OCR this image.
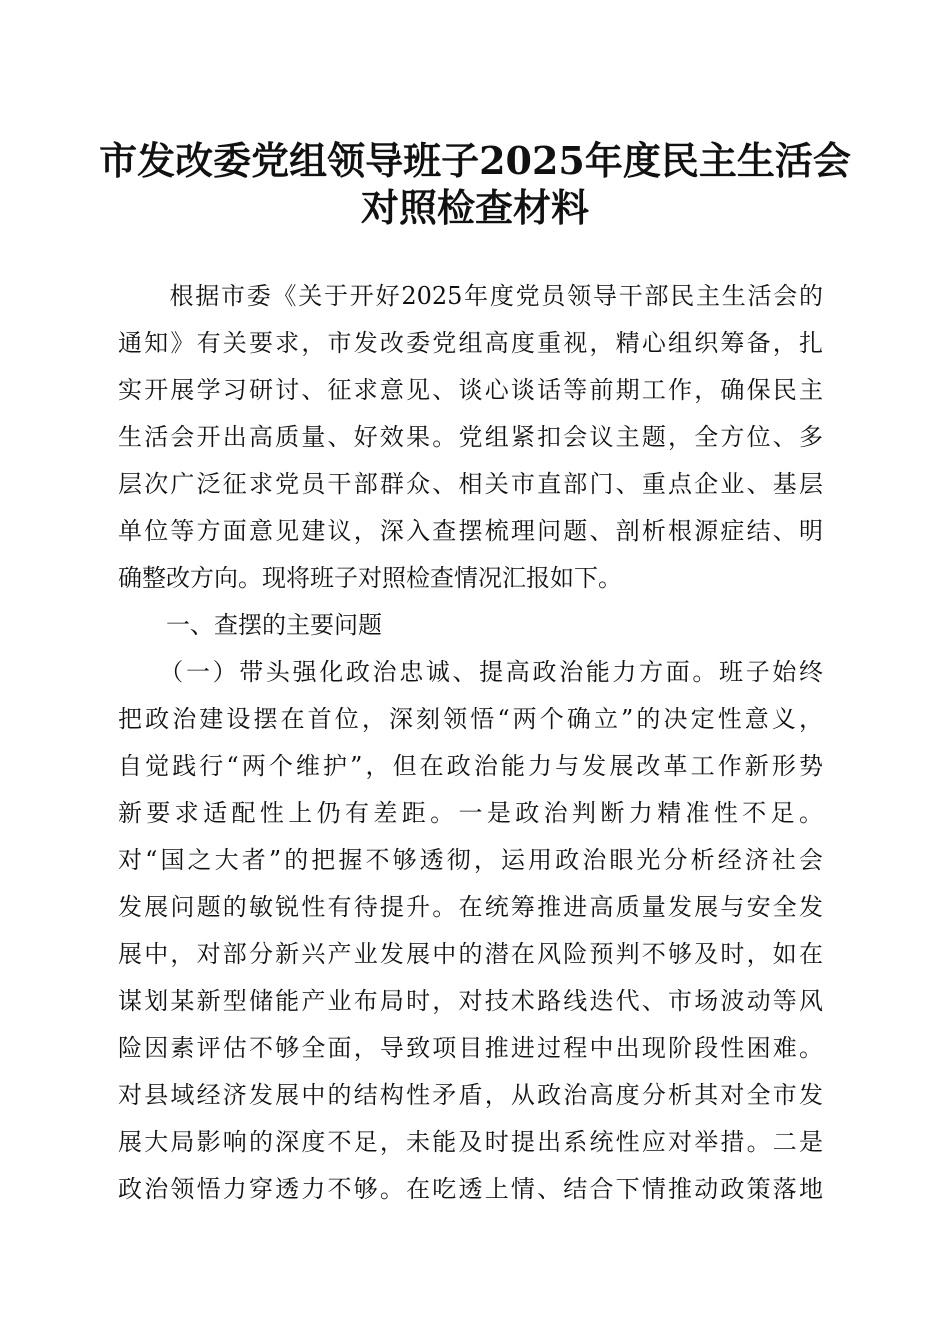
市发改委党组领导班子2025年度民主生活会
对照检查材料
　　根据市委《关于开好2025年度党员领导干部民主生活会的
通知》有关要求，市发改委党组高度重视，精心组织筹备，扎
实开展学习研讨、征求意见、谈心谈话等前期工作，确保民主
生活会开出高质量、好效果。党组紧扣会议主题，全方位、多
层次广泛征求党员干部群众、相关市直部门、重点企业、基层
单位等方面意见建议，深入查摆梳理问题、剖析根源症结、明
确整改方向。现将班子对照检查情况汇报如下。
　　一、查摆的主要问题
　　（一）带头强化政治忠诚、提高政治能力方面。班子始终
把政治建设摆在首位，深刻领悟“两个确立”的决定性意义，
自觉践行“两个维护”，但在政治能力与发展改革工作新形势
新要求适配性上仍有差距。一是政治判断力精准性不足。
对“国之大者”的把握不够透彻，运用政治眼光分析经济社会
发展问题的敏锐性有待提升。在统筹推进高质量发展与安全发
展中，对部分新兴产业发展中的潜在风险预判不够及时，如在
谋划某新型储能产业布局时，对技术路线迭代、市场波动等风
险因素评估不够全面，导致项目推进过程中出现阶段性困难。
对县域经济发展中的结构性矛盾，从政治高度分析其对全市发
展大局影响的深度不足，未能及时提出系统性应对举措。二是
政治领悟力穿透力不够。在吃透上情、结合下情推动政策落地
